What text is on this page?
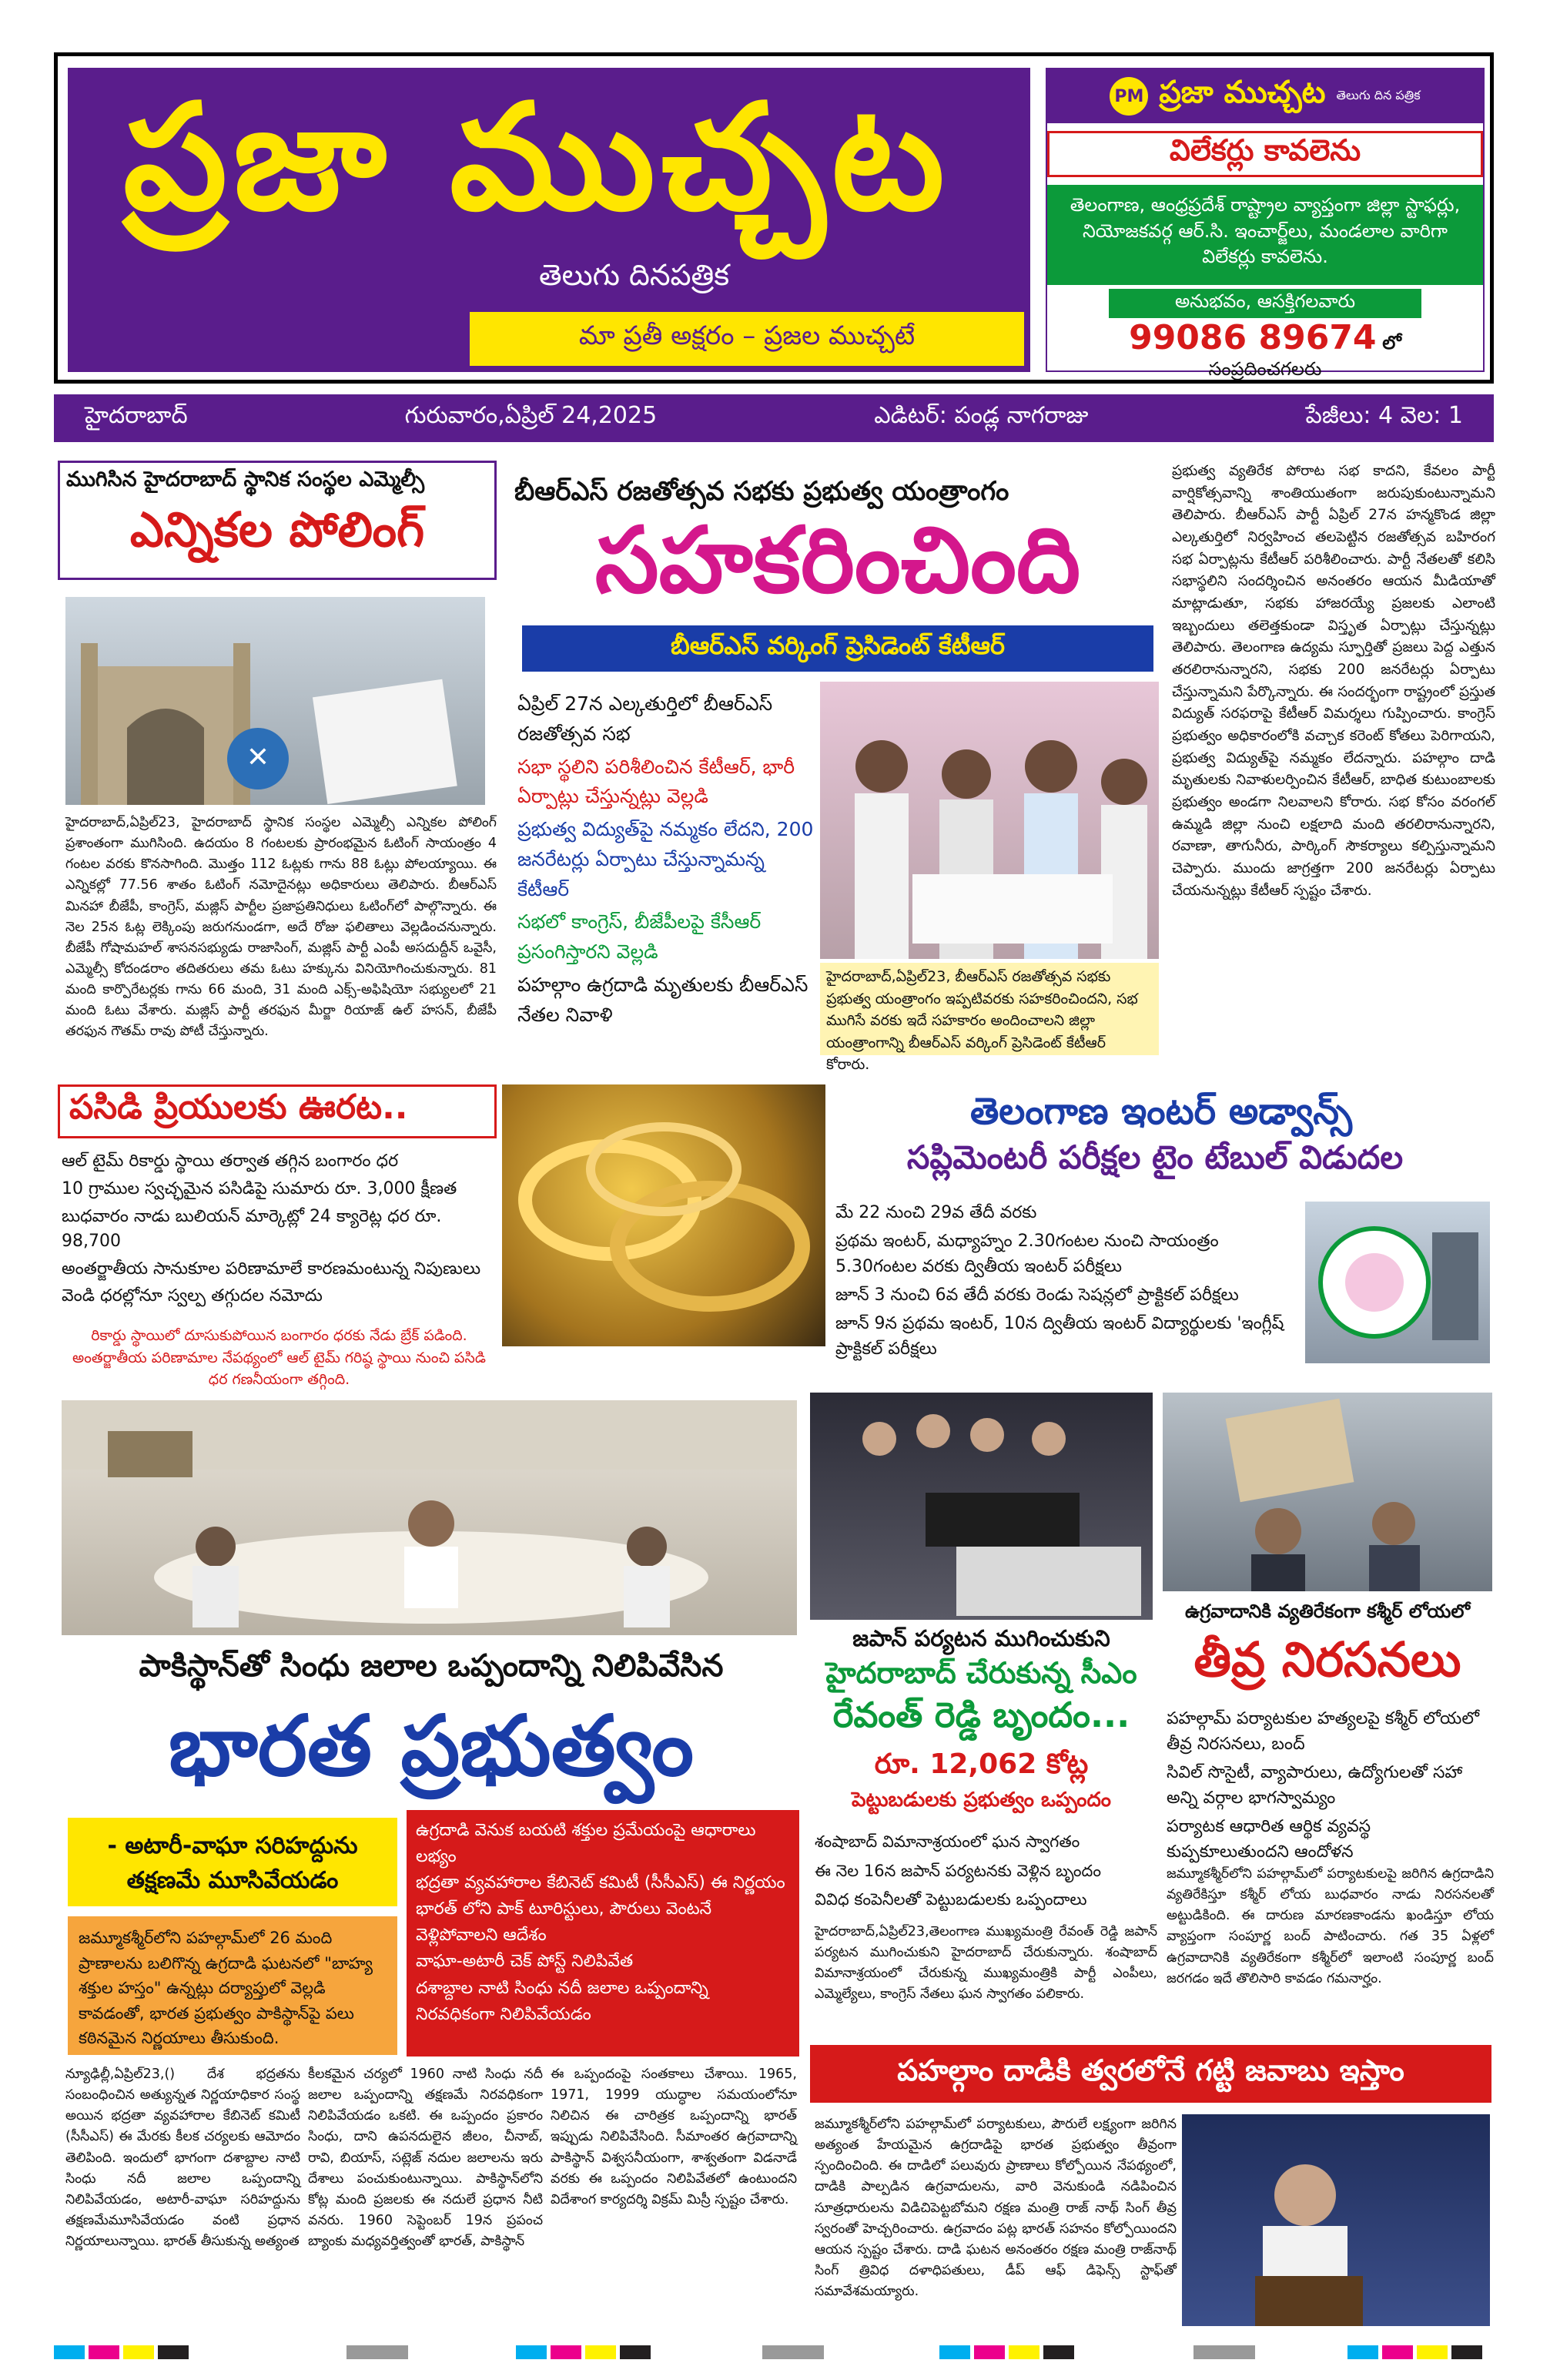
ప్రజా ముచ్చట
తెలుగు దినపత్రిక
మా ప్రతీ అక్షరం – ప్రజల ముచ్చటే
PM ప్రజా ముచ్చట తెలుగు దిన పత్రిక
విలేకర్లు కావలెను
తెలంగాణ, ఆంధ్రప్రదేశ్ రాష్ట్రాల వ్యాప్తంగా జిల్లా స్టాఫర్లు, నియోజకవర్గ ఆర్.సి. ఇంచార్జ్‌లు, మండలాల వారిగా విలేకర్లు కావలెను.
అనుభవం, ఆసక్తిగలవారు
99086 89674 లో
సంప్రదించగలరు
హైదరాబాద్	గురువారం,ఏప్రిల్ 24,2025	ఎడిటర్: పండ్ల నాగరాజు	పేజీలు: 4 వెల: 1
ముగిసిన హైదరాబాద్ స్థానిక సంస్థల ఎమ్మెల్సీ
ఎన్నికల పోలింగ్
✕
హైదరాబాద్,ఏప్రిల్23, హైదరాబాద్ స్థానిక సంస్థల ఎమ్మెల్సీ ఎన్నికల పోలింగ్ ప్రశాంతంగా ముగిసింది. ఉదయం 8 గంటలకు ప్రారంభమైన ఓటింగ్ సాయంత్రం 4 గంటల వరకు కొనసాగింది. మొత్తం 112 ఓట్లకు గాను 88 ఓట్లు పోలయ్యాయి. ఈ ఎన్నికల్లో 77.56 శాతం ఓటింగ్ నమోదైనట్లు అధికారులు తెలిపారు. బీఆర్ఎస్ మినహా బీజేపీ, కాంగ్రెస్, మజ్లిస్ పార్టీల ప్రజాప్రతినిధులు ఓటింగ్‌లో పాల్గొన్నారు. ఈ నెల 25న ఓట్ల లెక్కింపు జరుగనుండగా, అదే రోజు ఫలితాలు వెల్లడించనున్నారు. బీజేపీ గోషామహల్ శాసనసభ్యుడు రాజాసింగ్, మజ్లిస్ పార్టీ ఎంపీ అసదుద్దీన్ ఒవైసీ, ఎమ్మెల్సీ కోదండరాం తదితరులు తమ ఓటు హక్కును వినియోగించుకున్నారు. 81 మంది కార్పొరేటర్లకు గాను 66 మంది, 31 మంది ఎక్స్-అఫిషియో సభ్యులలో 21 మంది ఓటు వేశారు. మజ్లిస్ పార్టీ తరఫున మీర్జా రియాజ్ ఉల్ హసన్, బీజేపీ తరఫున గౌతమ్ రావు పోటీ చేస్తున్నారు.
బీఆర్ఎస్ రజతోత్సవ సభకు ప్రభుత్వ యంత్రాంగం
సహకరించింది
బీఆర్ఎస్ వర్కింగ్ ప్రెసిడెంట్ కేటీఆర్
ఏప్రిల్ 27న ఎల్కతుర్తిలో బీఆర్ఎస్ రజతోత్సవ సభ
సభా స్థలిని పరిశీలించిన కేటీఆర్, భారీ ఏర్పాట్లు చేస్తున్నట్లు వెల్లడి
ప్రభుత్వ విద్యుత్‌పై నమ్మకం లేదని, 200 జనరేటర్లు ఏర్పాటు చేస్తున్నామన్న కేటీఆర్
సభలో కాంగ్రెస్, బీజేపీలపై కేసీఆర్ ప్రసంగిస్తారని వెల్లడి
పహల్గాం ఉగ్రదాడి మృతులకు బీఆర్ఎస్ నేతల నివాళి
హైదరాబాద్,ఏప్రిల్23, బీఆర్ఎస్ రజతోత్సవ సభకు ప్రభుత్వ యంత్రాంగం ఇప్పటివరకు సహకరించిందని, సభ ముగిసే వరకు ఇదే సహకారం అందించాలని జిల్లా యంత్రాంగాన్ని బీఆర్ఎస్ వర్కింగ్ ప్రెసిడెంట్ కేటీఆర్ కోరారు.
ప్రభుత్వ వ్యతిరేక పోరాట సభ కాదని, కేవలం పార్టీ వార్షికోత్సవాన్ని శాంతియుతంగా జరుపుకుంటున్నామని తెలిపారు. బీఆర్ఎస్ పార్టీ ఏప్రిల్ 27న హన్మకొండ జిల్లా ఎల్కతుర్తిలో నిర్వహించ తలపెట్టిన రజతోత్సవ బహిరంగ సభ ఏర్పాట్లను కేటీఆర్ పరిశీలించారు. పార్టీ నేతలతో కలిసి సభాస్థలిని సందర్శించిన అనంతరం ఆయన మీడియాతో మాట్లాడుతూ, సభకు హాజరయ్యే ప్రజలకు ఎలాంటి ఇబ్బందులు తలెత్తకుండా విస్తృత ఏర్పాట్లు చేస్తున్నట్లు తెలిపారు. తెలంగాణ ఉద్యమ స్ఫూర్తితో ప్రజలు పెద్ద ఎత్తున తరలిరానున్నారని, సభకు 200 జనరేటర్లు ఏర్పాటు చేస్తున్నామని పేర్కొన్నారు. ఈ సందర్భంగా రాష్ట్రంలో ప్రస్తుత విద్యుత్ సరఫరాపై కేటీఆర్ విమర్శలు గుప్పించారు. కాంగ్రెస్ ప్రభుత్వం అధికారంలోకి వచ్చాక కరెంట్ కోతలు పెరిగాయని, ప్రభుత్వ విద్యుత్‌పై నమ్మకం లేదన్నారు. పహల్గాం దాడి మృతులకు నివాళులర్పించిన కేటీఆర్, బాధిత కుటుంబాలకు ప్రభుత్వం అండగా నిలవాలని కోరారు. సభ కోసం వరంగల్ ఉమ్మడి జిల్లా నుంచి లక్షలాది మంది తరలిరానున్నారని, రవాణా, తాగునీరు, పార్కింగ్ సౌకర్యాలు కల్పిస్తున్నామని చెప్పారు. ముందు జాగ్రత్తగా 200 జనరేటర్లు ఏర్పాటు చేయనున్నట్లు కేటీఆర్ స్పష్టం చేశారు.
పసిడి ప్రియులకు ఊరట..
ఆల్ టైమ్ రికార్డు స్థాయి తర్వాత తగ్గిన బంగారం ధర
10 గ్రాముల స్వచ్ఛమైన పసిడిపై సుమారు రూ. 3,000 క్షీణత
బుధవారం నాడు బులియన్ మార్కెట్లో 24 క్యారెట్ల ధర రూ. 98,700
అంతర్జాతీయ సానుకూల పరిణామాలే కారణమంటున్న నిపుణులు
వెండి ధరల్లోనూ స్వల్ప తగ్గుదల నమోదు
రికార్డు స్థాయిలో దూసుకుపోయిన బంగారం ధరకు నేడు బ్రేక్ పడింది. అంతర్జాతీయ పరిణామాల నేపథ్యంలో ఆల్ టైమ్ గరిష్ఠ స్థాయి నుంచి పసిడి ధర గణనీయంగా తగ్గింది.
తెలంగాణ ఇంటర్ అడ్వాన్స్
సప్లిమెంటరీ పరీక్షల టైం టేబుల్ విడుదల
మే 22 నుంచి 29వ తేదీ వరకు
ప్రథమ ఇంటర్, మధ్యాహ్నం 2.30గంటల నుంచి సాయంత్రం 5.30గంటల వరకు ద్వితీయ ఇంటర్ పరీక్షలు
జూన్ 3 నుంచి 6వ తేదీ వరకు రెండు సెషన్లలో ప్రాక్టికల్ పరీక్షలు
జూన్ 9న ప్రథమ ఇంటర్, 10న ద్వితీయ ఇంటర్ విద్యార్థులకు 'ఇంగ్లీష్ ప్రాక్టికల్ పరీక్షలు
పాకిస్థాన్‌తో సింధు జలాల ఒప్పందాన్ని నిలిపివేసిన
భారత ప్రభుత్వం
- అటారీ-వాఘా సరిహద్దును తక్షణమే మూసివేయడం
జమ్మూకశ్మీర్‌లోని పహల్గామ్‌లో 26 మంది ప్రాణాలను బలిగొన్న ఉగ్రదాడి ఘటనలో "బాహ్య శక్తుల హస్తం" ఉన్నట్లు దర్యాప్తులో వెల్లడి కావడంతో, భారత ప్రభుత్వం పాకిస్థాన్‌పై పలు కఠినమైన నిర్ణయాలు తీసుకుంది.
ఉగ్రదాడి వెనుక బయటి శక్తుల ప్రమేయంపై ఆధారాలు లభ్యం
భద్రతా వ్యవహారాల కేబినెట్ కమిటీ (సీసీఎస్) ఈ నిర్ణయం
భారత్ లోని పాక్ టూరిస్టులు, పౌరులు వెంటనే వెళ్లిపోవాలని ఆదేశం
వాఘా-అటారీ చెక్ పోస్ట్ నిలిపివేత
దశాబ్దాల నాటి సింధు నదీ జలాల ఒప్పందాన్ని నిరవధికంగా నిలిపివేయడం
న్యూఢిల్లీ,ఏప్రిల్23,() దేశ భద్రతను సంబంధించిన అత్యున్నత నిర్ణయాధికార సంస్థ అయిన భద్రతా వ్యవహారాల కేబినెట్ కమిటీ (సీసీఎస్) ఈ మేరకు కీలక చర్యలకు ఆమోదం తెలిపింది. ఇందులో భాగంగా దశాబ్దాల నాటి సింధు నదీ జలాల ఒప్పందాన్ని నిలిపివేయడం, అటారీ-వాఘా సరిహద్దును తక్షణమేమూసివేయడం వంటి ప్రధాన నిర్ణయాలున్నాయి. భారత్ తీసుకున్న అత్యంత
కీలకమైన చర్యలో 1960 నాటి సింధు నదీ జలాల ఒప్పందాన్ని తక్షణమే నిరవధికంగా నిలిపివేయడం ఒకటి. ఈ ఒప్పందం ప్రకారం సింధు, దాని ఉపనదులైన జీలం, చీనాబ్, రావి, బియాస్, సట్లెజ్ నదుల జలాలను ఇరు దేశాలు పంచుకుంటున్నాయి. పాకిస్థాన్‌లోని కోట్ల మంది ప్రజలకు ఈ నదులే ప్రధాన నీటి వనరు. 1960 సెప్టెంబర్ 19న ప్రపంచ బ్యాంకు మధ్యవర్తిత్వంతో భారత్, పాకిస్థాన్
ఈ ఒప్పందంపై సంతకాలు చేశాయి. 1965, 1971, 1999 యుద్ధాల సమయంలోనూ నిలిచిన ఈ చారిత్రక ఒప్పందాన్ని భారత్ ఇప్పుడు నిలిపివేసింది. సీమాంతర ఉగ్రవాదాన్ని పాకిస్థాన్ విశ్వసనీయంగా, శాశ్వతంగా విడనాడే వరకు ఈ ఒప్పందం నిలిపివేతలో ఉంటుందని విదేశాంగ కార్యదర్శి విక్రమ్ మిస్రీ స్పష్టం చేశారు.
జపాన్ పర్యటన ముగించుకుని
హైదరాబాద్ చేరుకున్న సీఎం
రేవంత్ రెడ్డి బృందం...
రూ. 12,062 కోట్ల
పెట్టుబడులకు ప్రభుత్వం ఒప్పందం
శంషాబాద్ విమానాశ్రయంలో ఘన స్వాగతం
ఈ నెల 16న జపాన్ పర్యటనకు వెళ్లిన బృందం
వివిధ కంపెనీలతో పెట్టుబడులకు ఒప్పందాలు
హైదరాబాద్,ఏప్రిల్23,తెలంగాణ ముఖ్యమంత్రి రేవంత్ రెడ్డి జపాన్ పర్యటన ముగించుకుని హైదరాబాద్ చేరుకున్నారు. శంషాబాద్ విమానాశ్రయంలో చేరుకున్న ముఖ్యమంత్రికి పార్టీ ఎంపీలు, ఎమ్మెల్యేలు, కాంగ్రెస్ నేతలు ఘన స్వాగతం పలికారు.
ఉగ్రవాదానికి వ్యతిరేకంగా కశ్మీర్ లోయలో
తీవ్ర నిరసనలు
పహల్గామ్ పర్యాటకుల హత్యలపై కశ్మీర్ లోయలో తీవ్ర నిరసనలు, బంద్
సివిల్ సొసైటీ, వ్యాపారులు, ఉద్యోగులతో సహా అన్ని వర్గాల భాగస్వామ్యం
పర్యాటక ఆధారిత ఆర్థిక వ్యవస్థ కుప్పకూలుతుందని ఆందోళన
జమ్మూకశ్మీర్‌లోని పహల్గామ్‌లో పర్యాటకులపై జరిగిన ఉగ్రదాడిని వ్యతిరేకిస్తూ కశ్మీర్ లోయ బుధవారం నాడు నిరసనలతో అట్టుడికింది. ఈ దారుణ మారణకాండను ఖండిస్తూ లోయ వ్యాప్తంగా సంపూర్ణ బంద్ పాటించారు. గత 35 ఏళ్లలో ఉగ్రవాదానికి వ్యతిరేకంగా కశ్మీర్‌లో ఇలాంటి సంపూర్ణ బంద్ జరగడం ఇదే తొలిసారి కావడం గమనార్హం.
పహల్గాం దాడికి త్వరలోనే గట్టి జవాబు ఇస్తాం
జమ్మూకశ్మీర్‌లోని పహల్గామ్‌లో పర్యాటకులు, పౌరులే లక్ష్యంగా జరిగిన అత్యంత హేయమైన ఉగ్రదాడిపై భారత ప్రభుత్వం తీవ్రంగా స్పందించింది. ఈ దాడిలో పలువురు ప్రాణాలు కోల్పోయిన నేపథ్యంలో, దాడికి పాల్పడిన ఉగ్రవాదులను, వారి వెనుకుండి నడిపించిన సూత్రధారులను విడిచిపెట్టబోమని రక్షణ మంత్రి రాజ్ నాథ్ సింగ్ తీవ్ర స్వరంతో హెచ్చరించారు. ఉగ్రవాదం పట్ల భారత్ సహనం కోల్పోయిందని ఆయన స్పష్టం చేశారు. దాడి ఘటన అనంతరం రక్షణ మంత్రి రాజ్‌నాథ్ సింగ్ త్రివిధ దళాధిపతులు, డీప్ ఆఫ్ డిఫెన్స్ స్టాఫ్‌తో సమావేశమయ్యారు.
